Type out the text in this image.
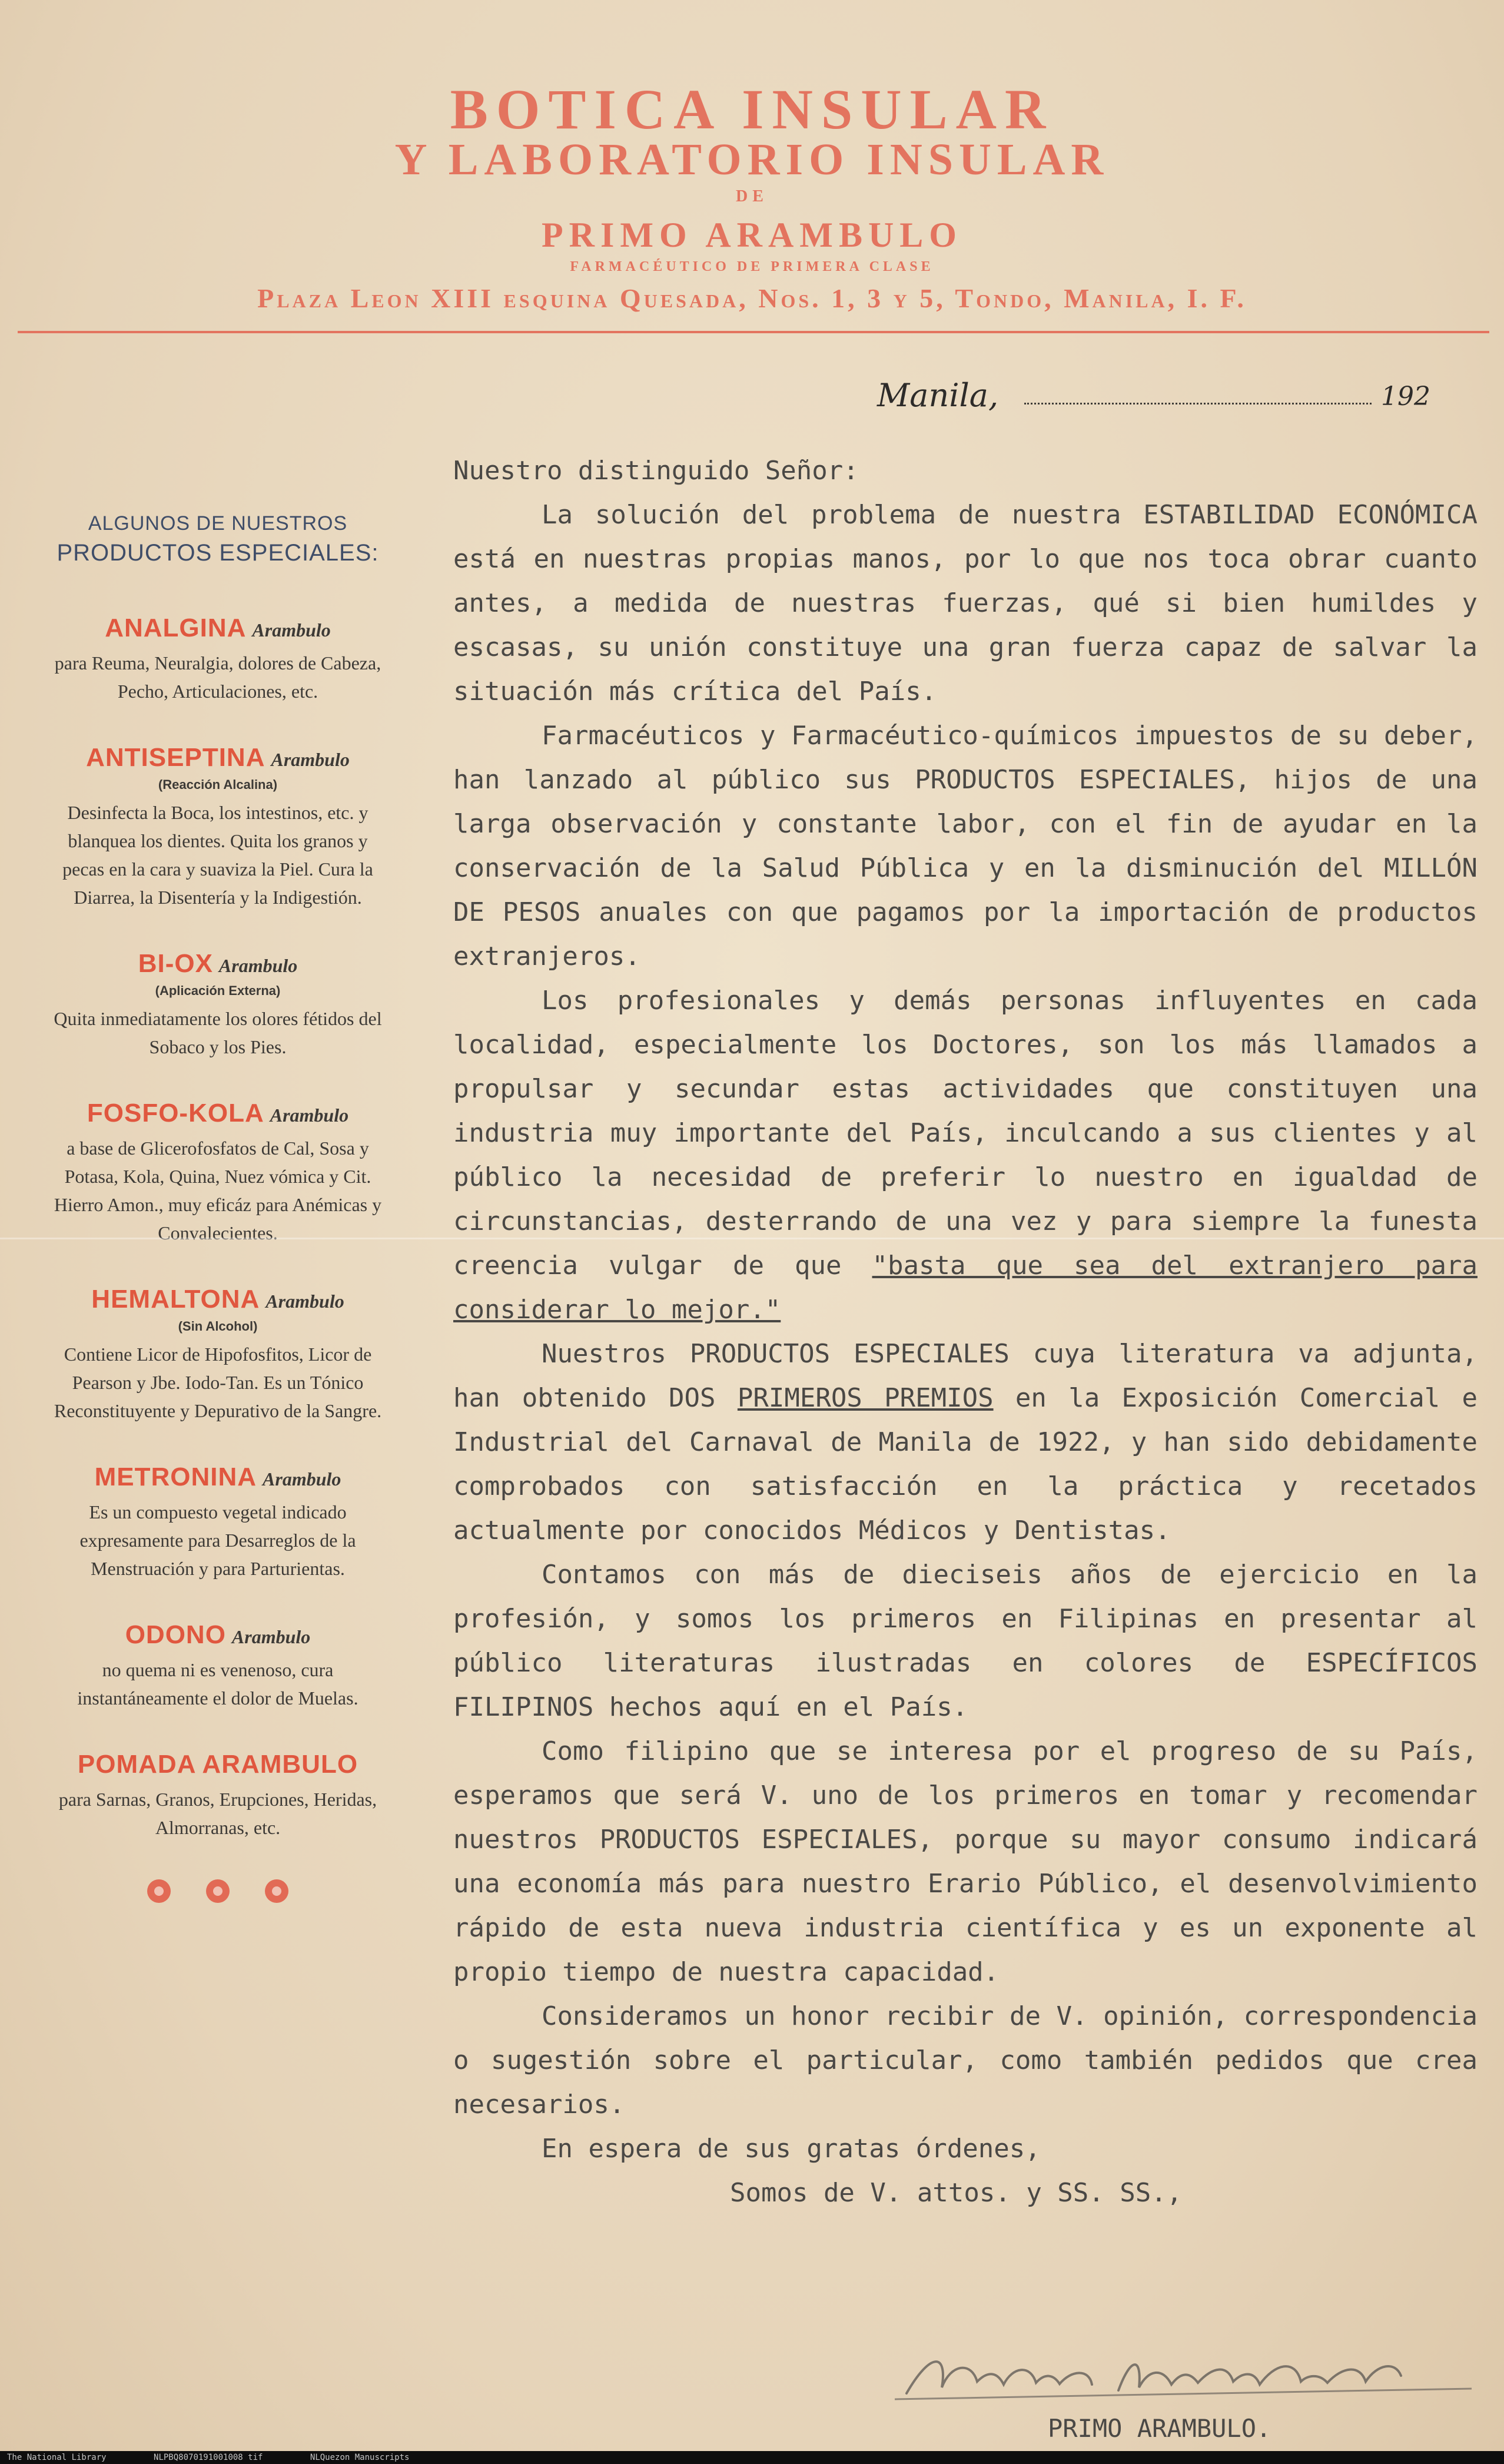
BOTICA INSULAR
Y LABORATORIO INSULAR
DE
PRIMO ARAMBULO
FARMACÉUTICO DE PRIMERA CLASE
Plaza Leon XIII esquina Quesada, Nos. 1, 3 y 5, Tondo, Manila, I. F.
Manila,	192
ALGUNOS DE NUESTROS
PRODUCTOS ESPECIALES:
ANALGINA Arambulo
para Reuma, Neuralgia, dolores de Cabeza, Pecho, Articulaciones, etc.
ANTISEPTINA Arambulo
(Reacción Alcalina)
Desinfecta la Boca, los intestinos, etc. y blanquea los dientes. Quita los granos y pecas en la cara y suaviza la Piel. Cura la Diarrea, la Disentería y la Indigestión.
BI-OX Arambulo
(Aplicación Externa)
Quita inmediatamente los olores fétidos del Sobaco y los Pies.
FOSFO-KOLA Arambulo
a base de Glicerofosfatos de Cal, Sosa y Potasa, Kola, Quina, Nuez vómica y Cit. Hierro Amon., muy eficáz para Anémicas y Convalecientes.
HEMALTONA Arambulo
(Sin Alcohol)
Contiene Licor de Hipofosfitos, Licor de Pearson y Jbe. Iodo-Tan. Es un Tónico Reconstituyente y Depurativo de la Sangre.
METRONINA Arambulo
Es un compuesto vegetal indicado expresamente para Desarreglos de la Menstruación y para Parturientas.
ODONO Arambulo
no quema ni es venenoso, cura instantáneamente el dolor de Muelas.
POMADA ARAMBULO
para Sarnas, Granos, Erupciones, Heridas, Almorranas, etc.

Nuestro distinguido Señor:

La solución del problema de nuestra ESTABILIDAD ECONÓMICA está en nuestras propias manos, por lo que nos toca obrar cuanto antes, a medida de nuestras fuerzas, qué si bien humildes y escasas, su unión constituye una gran fuerza capaz de salvar la situación más crítica del País.

Farmacéuticos y Farmacéutico-químicos impuestos de su deber, han lanzado al público sus PRODUCTOS ESPECIALES, hijos de una larga observación y constante labor, con el fin de ayudar en la conservación de la Salud Pública y en la disminución del MILLÓN DE PESOS anuales con que pagamos por la importación de productos extranjeros.

Los profesionales y demás personas influyentes en cada localidad, especialmente los Doctores, son los más llamados a propulsar y secundar estas actividades que constituyen una industria muy importante del País, inculcando a sus clientes y al público la necesidad de preferir lo nuestro en igualdad de circunstancias, desterrando de una vez y para siempre la funesta creencia vulgar de que "basta que sea del extranjero para considerar lo mejor."

Nuestros PRODUCTOS ESPECIALES cuya literatura va adjunta, han obtenido DOS PRIMEROS PREMIOS en la Exposición Comercial e Industrial del Carnaval de Manila de 1922, y han sido debidamente comprobados con satisfacción en la práctica y recetados actualmente por conocidos Médicos y Dentistas.

Contamos con más de dieciseis años de ejercicio en la profesión, y somos los primeros en Filipinas en presentar al público literaturas ilustradas en colores de ESPECÍFICOS FILIPINOS hechos aquí en el País.

Como filipino que se interesa por el progreso de su País, esperamos que será V. uno de los primeros en tomar y recomendar nuestros PRODUCTOS ESPECIALES, porque su mayor consumo indicará una economía más para nuestro Erario Público, el desenvolvimiento rápido de esta nueva industria científica y es un exponente al propio tiempo de nuestra capacidad.

Consideramos un honor recibir de V. opinión, correspondencia o sugestión sobre el particular, como también pedidos que crea necesarios.

En espera de sus gratas órdenes,

Somos de V. attos. y SS. SS.,

PRIMO ARAMBULO.
The National Library	NLPBQ8070191001008 tif	NLQuezon Manuscripts
